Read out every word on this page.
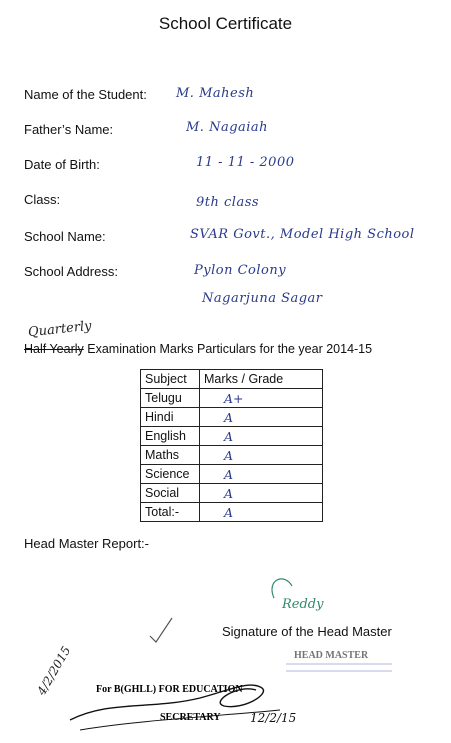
School Certificate
Name of the Student: M. Mahesh
Father’s Name:	M. Nagaiah
Date of Birth:	11 - 11 - 2000
Class:	9th class
School Name:	SVAR Govt., Model High School
School Address:	Pylon Colony
Nagarjuna Sagar
Quarterly
Half Yearly Examination Marks Particulars for the year 2014-15
Subject	Marks / Grade
Telugu	A+
Hindi	A
English	A
Maths	A
Science	A
Social	A
Total:-	A
Head Master Report:-
Reddy
HEAD MASTER
4/2/2015 For B(GHLL) FOR EDUCATION
SECRETARY 12/2/15
Signature of the Head Master
